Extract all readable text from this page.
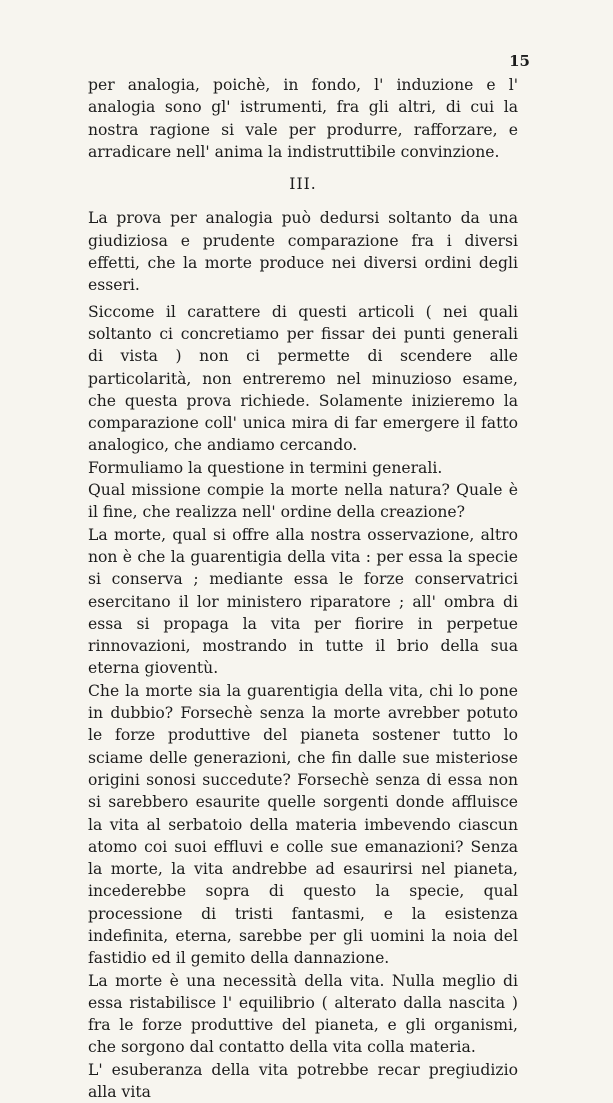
15

per analogia, poichè, in fondo, l' induzione e l' analogia sono gl' istrumenti, fra gli altri, di cui la nostra ragione si vale per produrre, rafforzare, e arradicare nell' anima la indistruttibile convinzione.

III.

La prova per analogia può dedursi soltanto da una giudiziosa e prudente comparazione fra i diversi effetti, che la morte produce nei diversi ordini degli esseri.

Siccome il carattere di questi articoli ( nei quali soltanto ci concretiamo per fissar dei punti generali di vista ) non ci permette di scendere alle particolarità, non entreremo nel minuzioso esame, che questa prova richiede. Solamente inizieremo la comparazione coll' unica mira di far emergere il fatto analogico, che andiamo cercando.

Formuliamo la questione in termini generali.

Qual missione compie la morte nella natura? Quale è il fine, che realizza nell' ordine della creazione?

La morte, qual si offre alla nostra osservazione, altro non è che la guarentigia della vita : per essa la specie si conserva ; mediante essa le forze conservatrici esercitano il lor ministero riparatore ; all' ombra di essa si propaga la vita per fiorire in perpetue rinnovazioni, mostrando in tutte il brio della sua eterna gioventù.

Che la morte sia la guarentigia della vita, chi lo pone in dubbio? Forsechè senza la morte avrebber potuto le forze produttive del pianeta sostener tutto lo sciame delle generazioni, che fin dalle sue misteriose origini sonosi succedute? Forsechè senza di essa non si sarebbero esaurite quelle sorgenti donde affluisce la vita al serbatoio della materia imbevendo ciascun atomo coi suoi effluvi e colle sue emanazioni? Senza la morte, la vita andrebbe ad esaurirsi nel pianeta, incederebbe sopra di questo la specie, qual processione di tristi fantasmi, e la esistenza indefinita, eterna, sarebbe per gli uomini la noia del fastidio ed il gemito della dannazione.

La morte è una necessità della vita. Nulla meglio di essa ristabilisce l' equilibrio ( alterato dalla nascita ) fra le forze produttive del pianeta, e gli organismi, che sorgono dal contatto della vita colla materia.

L' esuberanza della vita potrebbe recar pregiudizio alla vita
